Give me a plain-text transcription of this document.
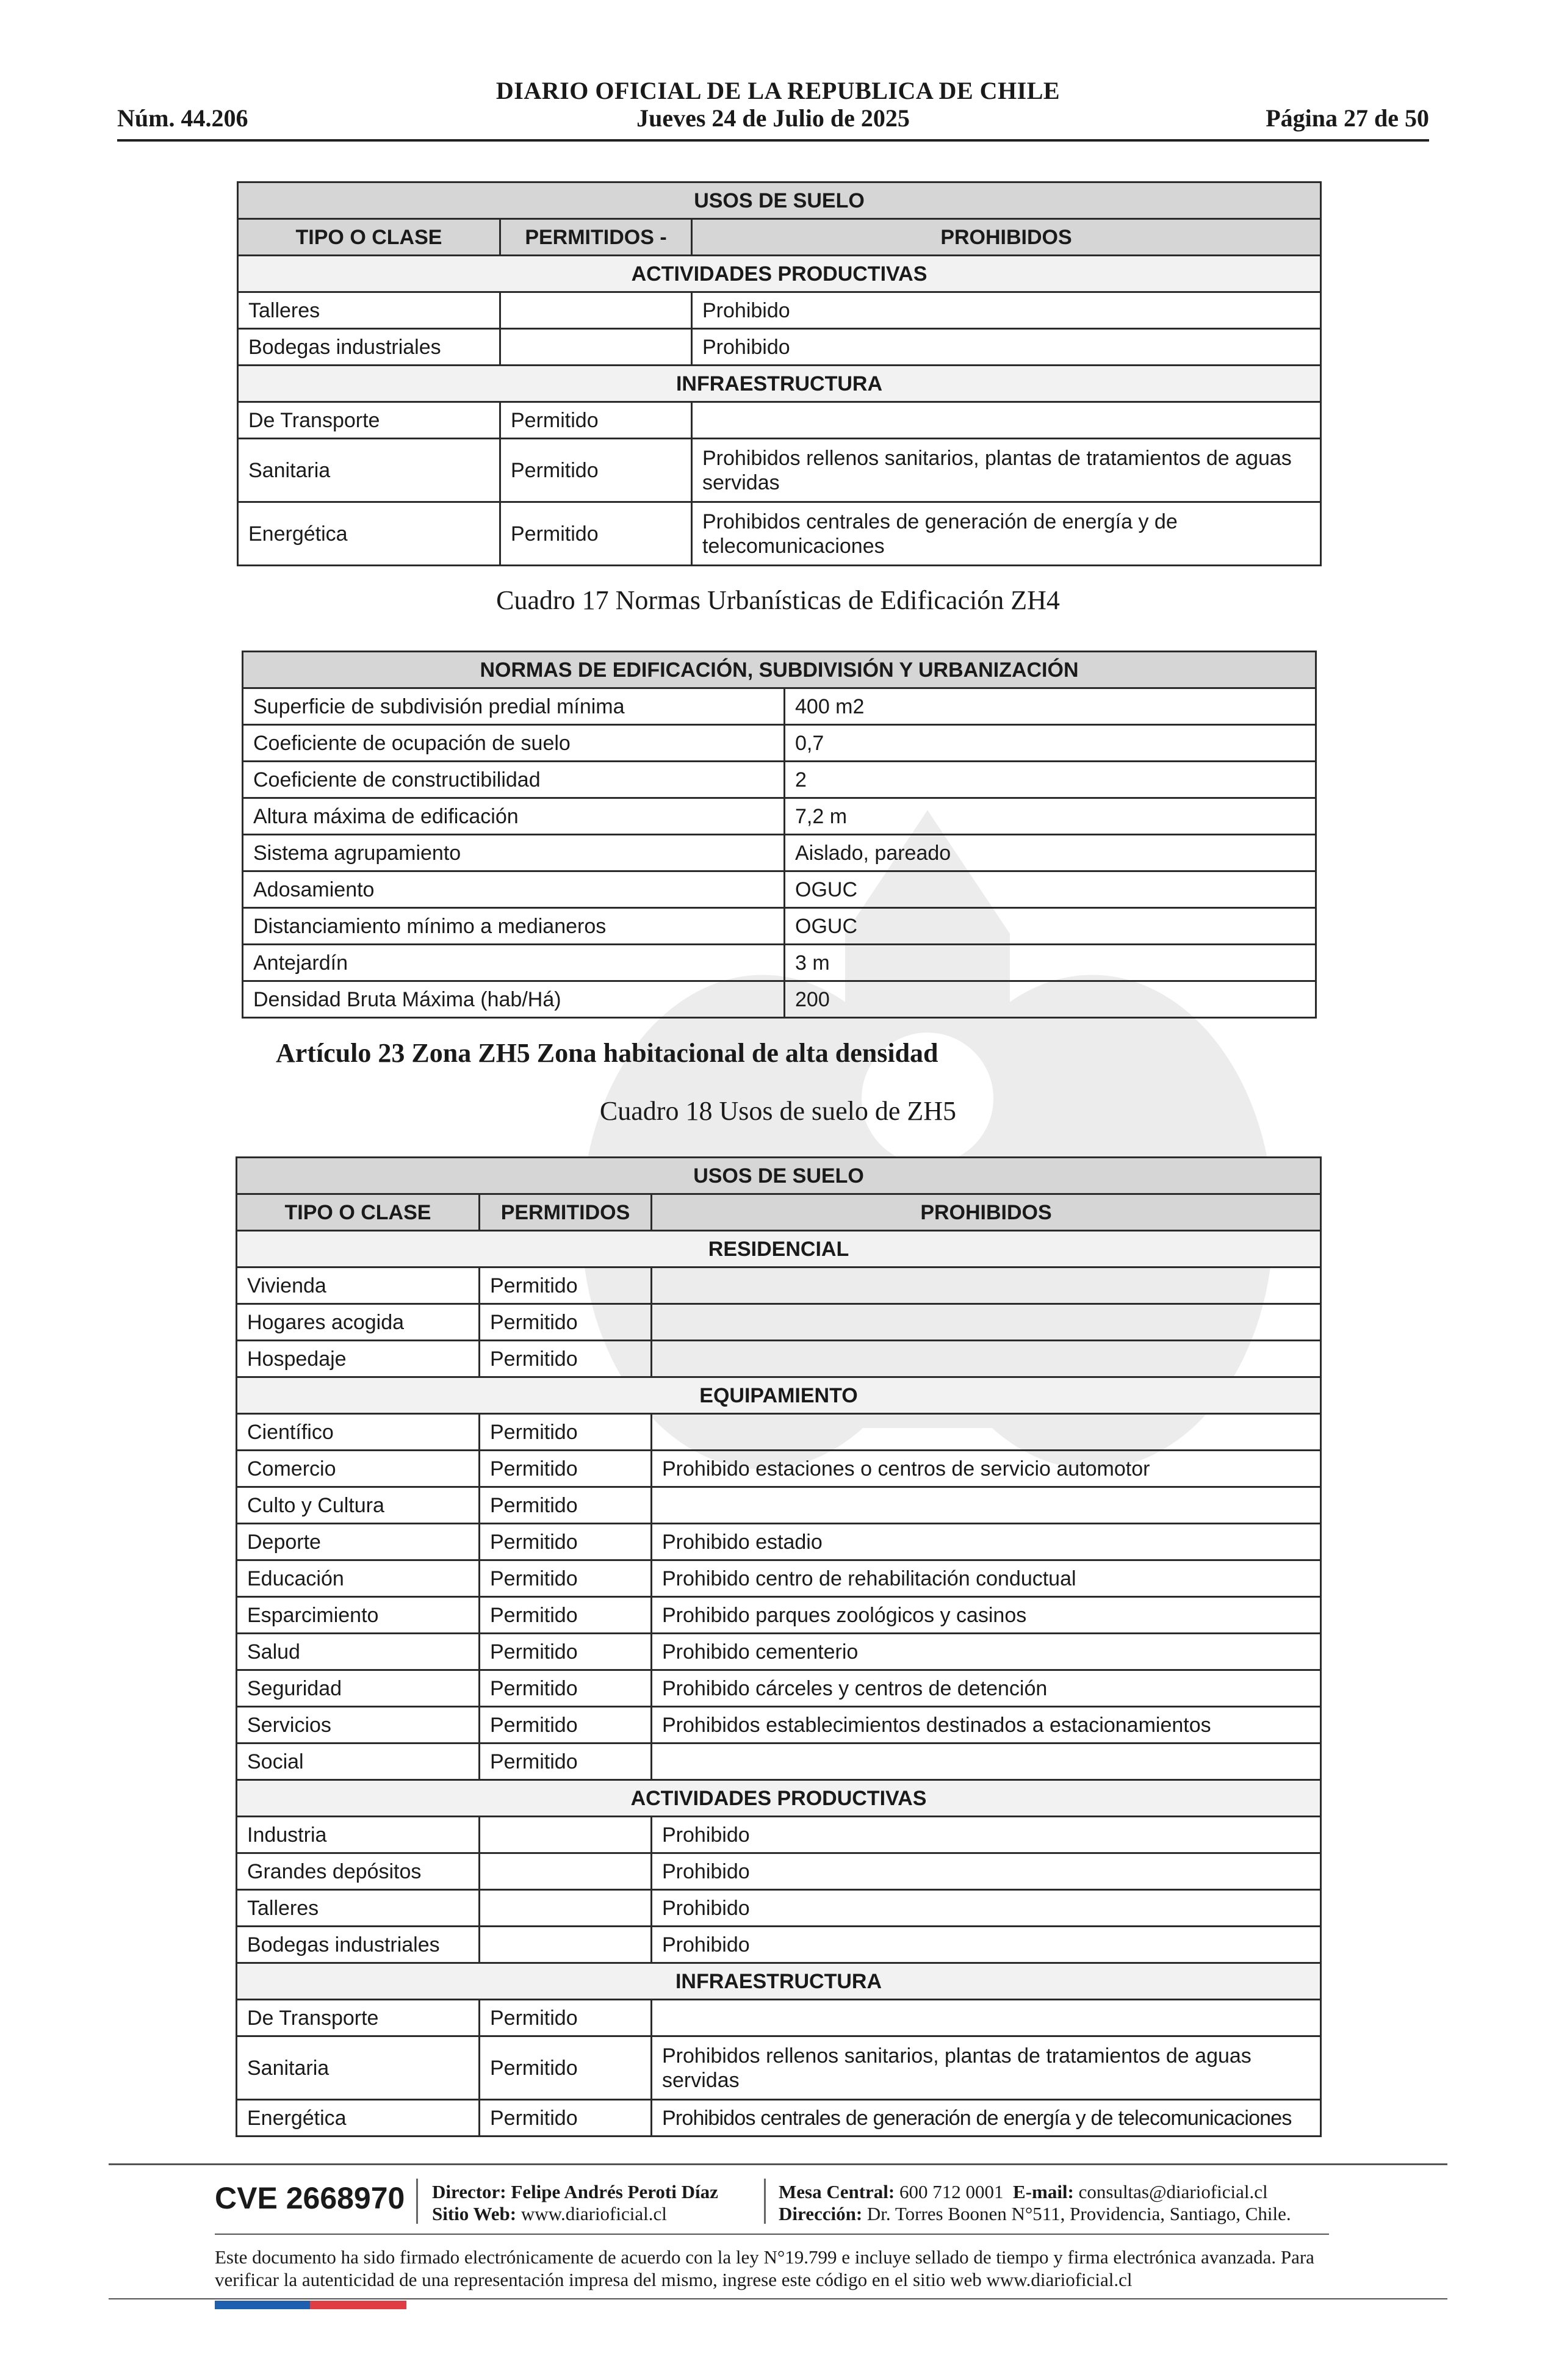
DIARIO OFICIAL DE LA REPUBLICA DE CHILE
Núm. 44.206	Jueves 24 de Julio de 2025	Página 27 de 50
USOS DE SUELO		
TIPO O CLASE	PERMITIDOS -	PROHIBIDOS
ACTIVIDADES PRODUCTIVAS		
Talleres		Prohibido
Bodegas industriales		Prohibido
INFRAESTRUCTURA		
De Transporte	Permitido	
Sanitaria	Permitido	Prohibidos rellenos sanitarios, plantas de tratamientos de aguas servidas
Energética	Permitido	Prohibidos centrales de generación de energía y de telecomunicaciones
Cuadro 17 Normas Urbanísticas de Edificación ZH4
NORMAS DE EDIFICACIÓN, SUBDIVISIÓN Y URBANIZACIÓN	
Superficie de subdivisión predial mínima	400 m2
Coeficiente de ocupación de suelo	0,7
Coeficiente de constructibilidad	2
Altura máxima de edificación	7,2 m
Sistema agrupamiento	Aislado, pareado
Adosamiento	OGUC
Distanciamiento mínimo a medianeros	OGUC
Antejardín	3 m
Densidad Bruta Máxima (hab/Há)	200
Artículo 23 Zona ZH5 Zona habitacional de alta densidad
Cuadro 18 Usos de suelo de ZH5
USOS DE SUELO		
TIPO O CLASE	PERMITIDOS	PROHIBIDOS
RESIDENCIAL		
Vivienda	Permitido	
Hogares acogida	Permitido	
Hospedaje	Permitido	
EQUIPAMIENTO		
Científico	Permitido	
Comercio	Permitido	Prohibido estaciones o centros de servicio automotor
Culto y Cultura	Permitido	
Deporte	Permitido	Prohibido estadio
Educación	Permitido	Prohibido centro de rehabilitación conductual
Esparcimiento	Permitido	Prohibido parques zoológicos y casinos
Salud	Permitido	Prohibido cementerio
Seguridad	Permitido	Prohibido cárceles y centros de detención
Servicios	Permitido	Prohibidos establecimientos destinados a estacionamientos
Social	Permitido	
ACTIVIDADES PRODUCTIVAS		
Industria		Prohibido
Grandes depósitos		Prohibido
Talleres		Prohibido
Bodegas industriales		Prohibido
INFRAESTRUCTURA		
De Transporte	Permitido	
Sanitaria	Permitido	Prohibidos rellenos sanitarios, plantas de tratamientos de aguas servidas
Energética	Permitido	Prohibidos centrales de generación de energía y de telecomunicaciones
CVE 2668970 Director: Felipe Andrés Peroti Díaz
Sitio Web: www.diarioficial.cl
Mesa Central: 600 712 0001 E-mail: consultas@diarioficial.cl
Dirección: Dr. Torres Boonen N°511, Providencia, Santiago, Chile.
Este documento ha sido firmado electrónicamente de acuerdo con la ley N°19.799 e incluye sellado de tiempo y firma electrónica avanzada. Para verificar la autenticidad de una representación impresa del mismo, ingrese este código en el sitio web www.diarioficial.cl
